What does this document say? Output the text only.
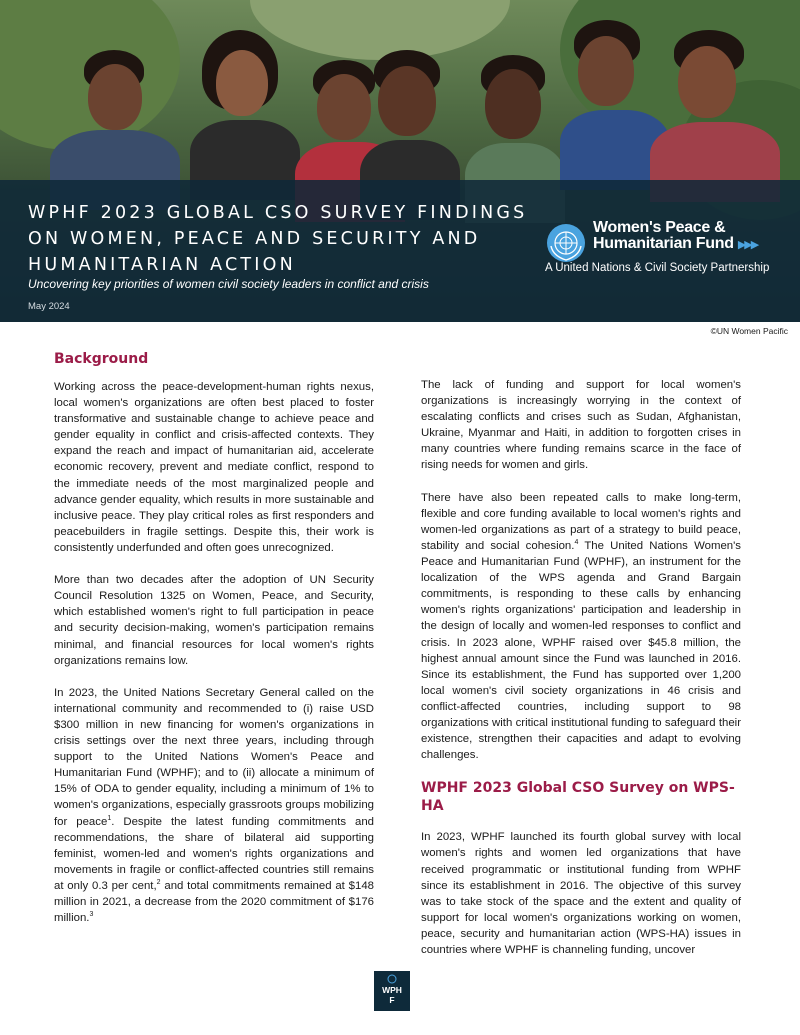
WPHF 2023 GLOBAL CSO SURVEY FINDINGS ON WOMEN, PEACE AND SECURITY AND HUMANITARIAN ACTION
Uncovering key priorities of women civil society leaders in conflict and crisis
May 2024
Women's Peace &
Humanitarian Fund ▶▶▶
A United Nations & Civil Society Partnership
©UN Women Pacific
Background

Working across the peace-development-human rights nexus, local women's organizations are often best placed to foster transformative and sustainable change to achieve peace and gender equality in conflict and crisis-affected contexts. They expand the reach and impact of humanitarian aid, accelerate economic recovery, prevent and mediate conflict, respond to the immediate needs of the most marginalized people and advance gender equality, which results in more sustainable and inclusive peace. They play critical roles as first responders and peacebuilders in fragile settings. Despite this, their work is consistently underfunded and often goes unrecognized.

More than two decades after the adoption of UN Security Council Resolution 1325 on Women, Peace, and Security, which established women's right to full participation in peace and security decision-making, women's participation remains minimal, and financial resources for local women's rights organizations remains low.

In 2023, the United Nations Secretary General called on the international community and recommended to (i) raise USD $300 million in new financing for women's organizations in crisis settings over the next three years, including through support to the United Nations Women's Peace and Humanitarian Fund (WPHF); and to (ii) allocate a minimum of 15% of ODA to gender equality, including a minimum of 1% to women's organizations, especially grassroots groups mobilizing for peace$^1$. Despite the latest funding commitments and recommendations, the share of bilateral aid supporting feminist, women-led and women's rights organizations and movements in fragile or conflict-affected countries still remains at only 0.3 per cent,$^2$ and total commitments remained at $148 million in 2021, a decrease from the 2020 commitment of $176 million.$^3$

The lack of funding and support for local women's organizations is increasingly worrying in the context of escalating conflicts and crises such as Sudan, Afghanistan, Ukraine, Myanmar and Haiti, in addition to forgotten crises in many countries where funding remains scarce in the face of rising needs for women and girls.

There have also been repeated calls to make long-term, flexible and core funding available to local women's rights and women-led organizations as part of a strategy to build peace, stability and social cohesion.$^4$ The United Nations Women's Peace and Humanitarian Fund (WPHF), an instrument for the localization of the WPS agenda and Grand Bargain commitments, is responding to these calls by enhancing women's rights organizations' participation and leadership in the design of locally and women-led responses to conflict and crisis. In 2023 alone, WPHF raised over $45.8 million, the highest annual amount since the Fund was launched in 2016. Since its establishment, the Fund has supported over 1,200 local women's civil society organizations in 46 crisis and conflict-affected countries, including support to 98 organizations with critical institutional funding to safeguard their existence, strengthen their capacities and adapt to evolving challenges.

WPHF 2023 Global CSO Survey on WPS-HA

In 2023, WPHF launched its fourth global survey with local women's rights and women led organizations that have received programmatic or institutional funding from WPHF since its establishment in 2016. The objective of this survey was to take stock of the space and the extent and quality of support for local women's organizations working on women, peace, security and humanitarian action (WPS-HA) issues in countries where WPHF is channeling funding, uncover

WPH
F
